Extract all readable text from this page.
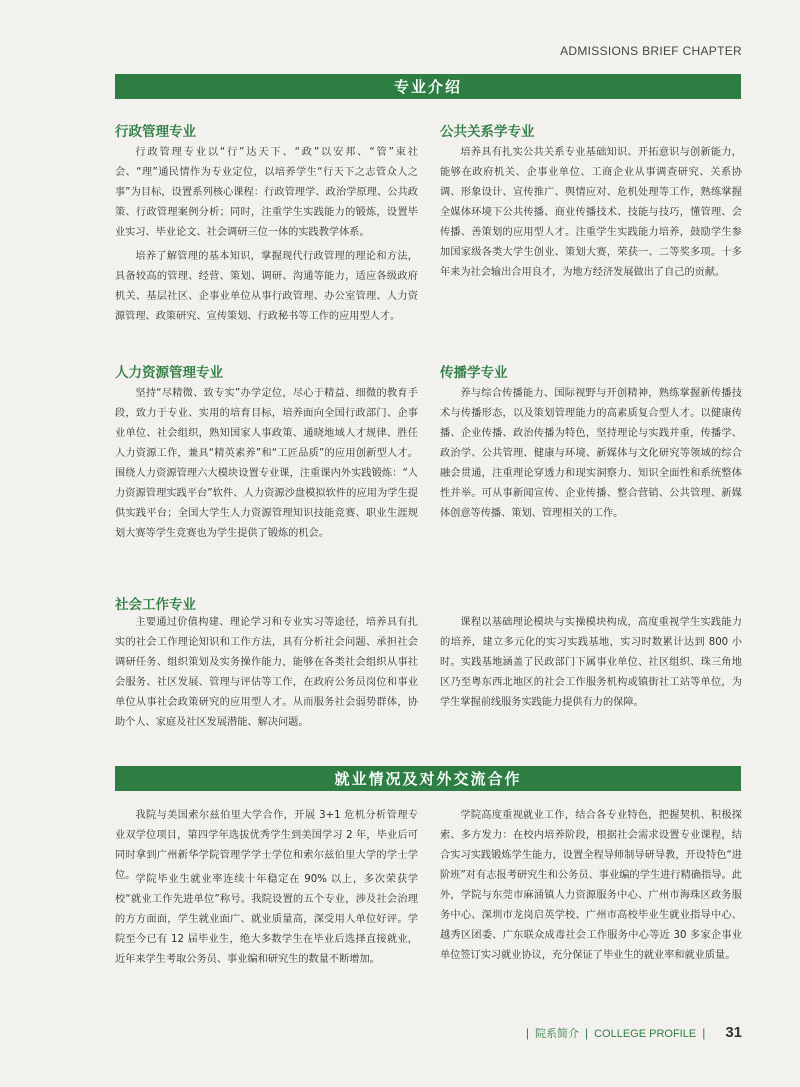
ADMISSIONS BRIEF CHAPTER
专业介绍
行政管理专业

行政管理专业以“行”达天下、“政”以安邦、“管”束社会、“理”通民情作为专业定位，以培养学生“行天下之志管众人之事”为目标，设置系列核心课程：行政管理学、政治学原理、公共政策、行政管理案例分析；同时，注重学生实践能力的锻炼，设置毕业实习、毕业论文、社会调研三位一体的实践教学体系。

培养了解管理的基本知识，掌握现代行政管理的理论和方法，具备较高的管理、经营、策划、调研、沟通等能力，适应各级政府机关、基层社区、企事业单位从事行政管理、办公室管理、人力资源管理、政策研究、宣传策划、行政秘书等工作的应用型人才。

公共关系学专业

培养具有扎实公共关系专业基础知识、开拓意识与创新能力，能够在政府机关、企事业单位、工商企业从事调查研究、关系协调、形象设计、宣传推广、舆情应对、危机处理等工作，熟练掌握全媒体环境下公共传播、商业传播技术、技能与技巧，懂管理、会传播、善策划的应用型人才。注重学生实践能力培养，鼓励学生参加国家级各类大学生创业、策划大赛，荣获一、二等奖多项。十多年来为社会输出合用良才，为地方经济发展做出了自己的贡献。

人力资源管理专业

坚持“尽精微、致专实”办学定位，尽心于精益、细微的教育手段，致力于专业、实用的培育目标，培养面向全国行政部门、企事业单位、社会组织，熟知国家人事政策、通晓地域人才规律、胜任人力资源工作，兼具“精英素养”和“工匠品质”的应用创新型人才。围绕人力资源管理六大模块设置专业课，注重课内外实践锻炼：“人力资源管理实践平台”软件、人力资源沙盘模拟软件的应用为学生提供实践平台；全国大学生人力资源管理知识技能竞赛、职业生涯规划大赛等学生竞赛也为学生提供了锻炼的机会。

传播学专业

养与综合传播能力、国际视野与开创精神，熟练掌握新传播技术与传播形态，以及策划管理能力的高素质复合型人才。以健康传播、企业传播、政治传播为特色，坚持理论与实践并重，传播学、政治学、公共管理、健康与环境、新媒体与文化研究等领域的综合融会贯通，注重理论穿透力和现实洞察力、知识全面性和系统整体性并举。可从事新闻宣传、企业传播、整合营销、公共管理、新媒体创意等传播、策划、管理相关的工作。

社会工作专业

主要通过价值构建、理论学习和专业实习等途径，培养具有扎实的社会工作理论知识和工作方法，具有分析社会问题、承担社会调研任务、组织策划及实务操作能力，能够在各类社会组织从事社会服务、社区发展、管理与评估等工作，在政府公务员岗位和事业单位从事社会政策研究的应用型人才。从而服务社会弱势群体，协助个人、家庭及社区发展潜能、解决问题。

课程以基础理论模块与实操模块构成，高度重视学生实践能力的培养，建立多元化的实习实践基地，实习时数累计达到 800 小时。实践基地涵盖了民政部门下属事业单位、社区组织、珠三角地区乃至粤东西北地区的社会工作服务机构或镇街社工站等单位，为学生掌握前线服务实践能力提供有力的保障。

就业情况及对外交流合作

我院与美国索尔兹伯里大学合作，开展 3+1 危机分析管理专业双学位项目，第四学年选拔优秀学生到美国学习 2 年，毕业后可同时拿到广州新华学院管理学学士学位和索尔兹伯里大学的学士学位。 学院毕业生就业率连续十年稳定在 90% 以上，多次荣获学校“就业工作先进单位”称号。我院设置的五个专业，涉及社会治理的方方面面，学生就业面广、就业质量高，深受用人单位好评。学院至今已有 12 届毕业生，绝大多数学生在毕业后选择直接就业，近年来学生考取公务员、事业编和研究生的数量不断增加。

学院高度重视就业工作，结合各专业特色，把握契机、积极探索、多方发力：在校内培养阶段，根据社会需求设置专业课程，结合实习实践锻炼学生能力，设置全程导师制导研导教，开设特色“进阶班”对有志报考研究生和公务员、事业编的学生进行精确指导。此外，学院与东莞市麻涌镇人力资源服务中心、广州市海珠区政务服务中心、深圳市龙岗启英学校、广州市高校毕业生就业指导中心、越秀区团委、广东联众成毒社会工作服务中心等近 30 多家企事业单位签订实习就业协议，充分保证了毕业生的就业率和就业质量。

| 院系简介 | COLLEGE PROFILE | 31
